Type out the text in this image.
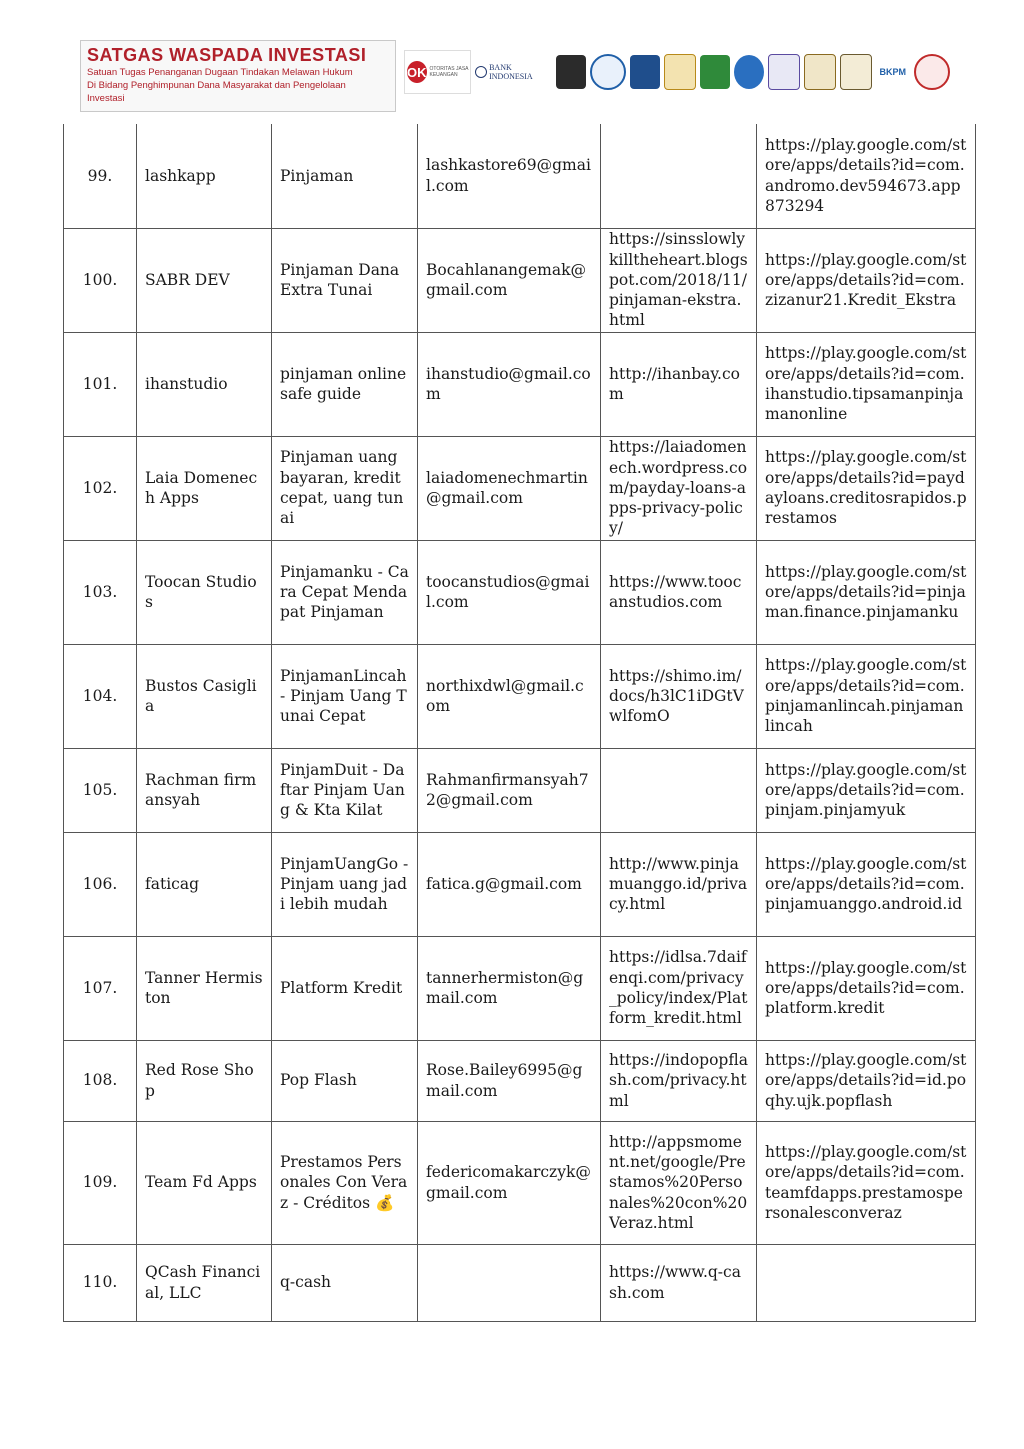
SATGAS WASPADA INVESTASI
Satuan Tugas Penanganan Dugaan Tindakan Melawan Hukum
Di Bidang Penghimpunan Dana Masyarakat dan Pengelolaan
Investasi
OK OTORITAS JASA KEUANGAN
BANK INDONESIA	BKPM
99.	lashkapp	Pinjaman	lashkastore69@gmail.com		https://play.google.com/store/apps/details?id=com.andromo.dev594673.app873294
100.	SABR DEV	Pinjaman Dana Extra Tunai	Bocahlanangemak@gmail.com	https://sinsslowlykilltheheart.blogspot.com/2018/11/pinjaman-ekstra.html	https://play.google.com/store/apps/details?id=com.zizanur21.Kredit_Ekstra
101.	ihanstudio	pinjaman online safe guide	ihanstudio@gmail.com	http://ihanbay.com	https://play.google.com/store/apps/details?id=com.ihanstudio.tipsamanpinjamanonline
102.	Laia Domenech Apps	Pinjaman uang bayaran, kredit cepat, uang tunai	laiadomenechmartin@gmail.com	https://laiadomenech.wordpress.com/payday-loans-apps-privacy-policy/	https://play.google.com/store/apps/details?id=paydayloans.creditosrapidos.prestamos
103.	Toocan Studios	Pinjamanku - Cara Cepat Mendapat Pinjaman	toocanstudios@gmail.com	https://www.toocanstudios.com	https://play.google.com/store/apps/details?id=pinjaman.finance.pinjamanku
104.	Bustos Casiglia	PinjamanLincah - Pinjam Uang Tunai Cepat	northixdwl@gmail.com	https://shimo.im/docs/h3lC1iDGtVwlfomO	https://play.google.com/store/apps/details?id=com.pinjamanlincah.pinjamanlincah
105.	Rachman firmansyah	PinjamDuit - Daftar Pinjam Uang & Kta Kilat	Rahmanfirmansyah72@gmail.com		https://play.google.com/store/apps/details?id=com.pinjam.pinjamyuk
106.	faticag	PinjamUangGo - Pinjam uang jadi lebih mudah	fatica.g@gmail.com	http://www.pinjamuanggo.id/privacy.html	https://play.google.com/store/apps/details?id=com.pinjamuanggo.android.id
107.	Tanner Hermiston	Platform Kredit	tannerhermiston@gmail.com	https://idlsa.7daifenqi.com/privacy_policy/index/Platform_kredit.html	https://play.google.com/store/apps/details?id=com.platform.kredit
108.	Red Rose Shop	Pop Flash	Rose.Bailey6995@gmail.com	https://indopopflash.com/privacy.html	https://play.google.com/store/apps/details?id=id.poqhy.ujk.popflash
109.	Team Fd Apps	Prestamos Personales Con Veraz - Créditos 💰	federicomakarczyk@gmail.com	http://appsmoment.net/google/Prestamos%20Personales%20con%20Veraz.html	https://play.google.com/store/apps/details?id=com.teamfdapps.prestamospersonalesconveraz
110.	QCash Financial, LLC	q-cash		https://www.q-cash.com	
